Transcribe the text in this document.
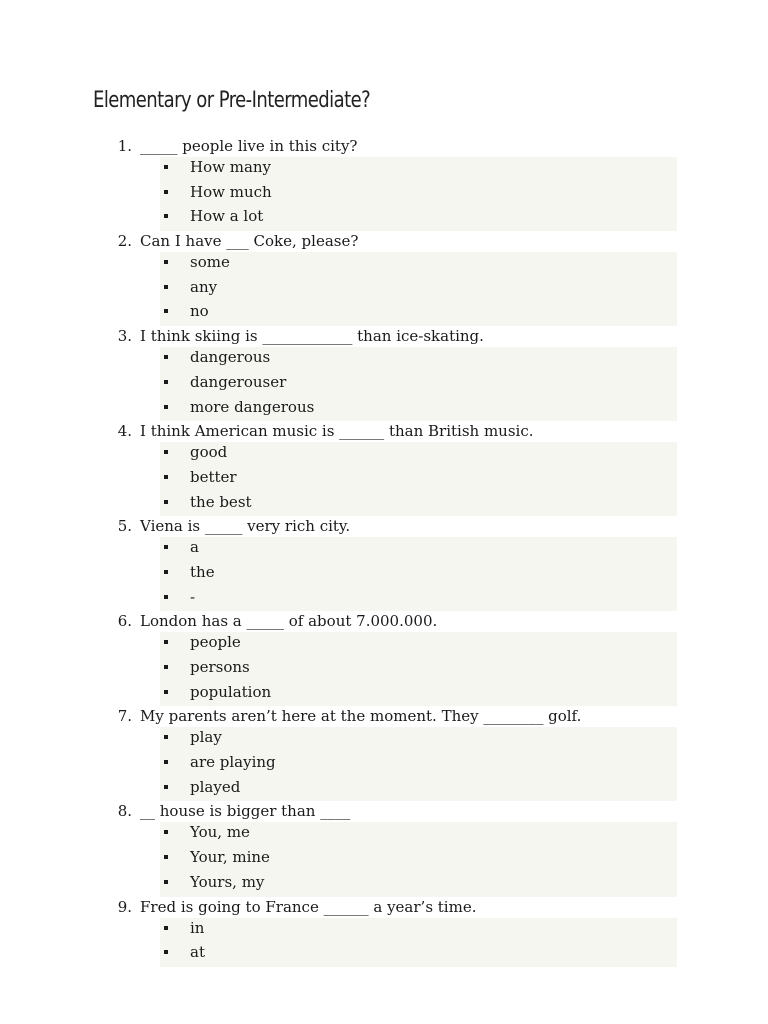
Elementary or Pre-Intermediate?
1. _____ people live in this city?
How many
How much
How a lot
2. Can I have ___ Coke, please?
some
any
no
3. I think skiing is ____________ than ice-skating.
dangerous
dangerouser
more dangerous
4. I think American music is ______ than British music.
good
better
the best
5. Viena is _____ very rich city.
a
the
-
6. London has a _____ of about 7.000.000.
people
persons
population
7. My parents aren’t here at the moment. They ________ golf.
play
are playing
played
8. __ house is bigger than ____
You, me
Your, mine
Yours, my
9. Fred is going to France ______ a year’s time.
in
at
